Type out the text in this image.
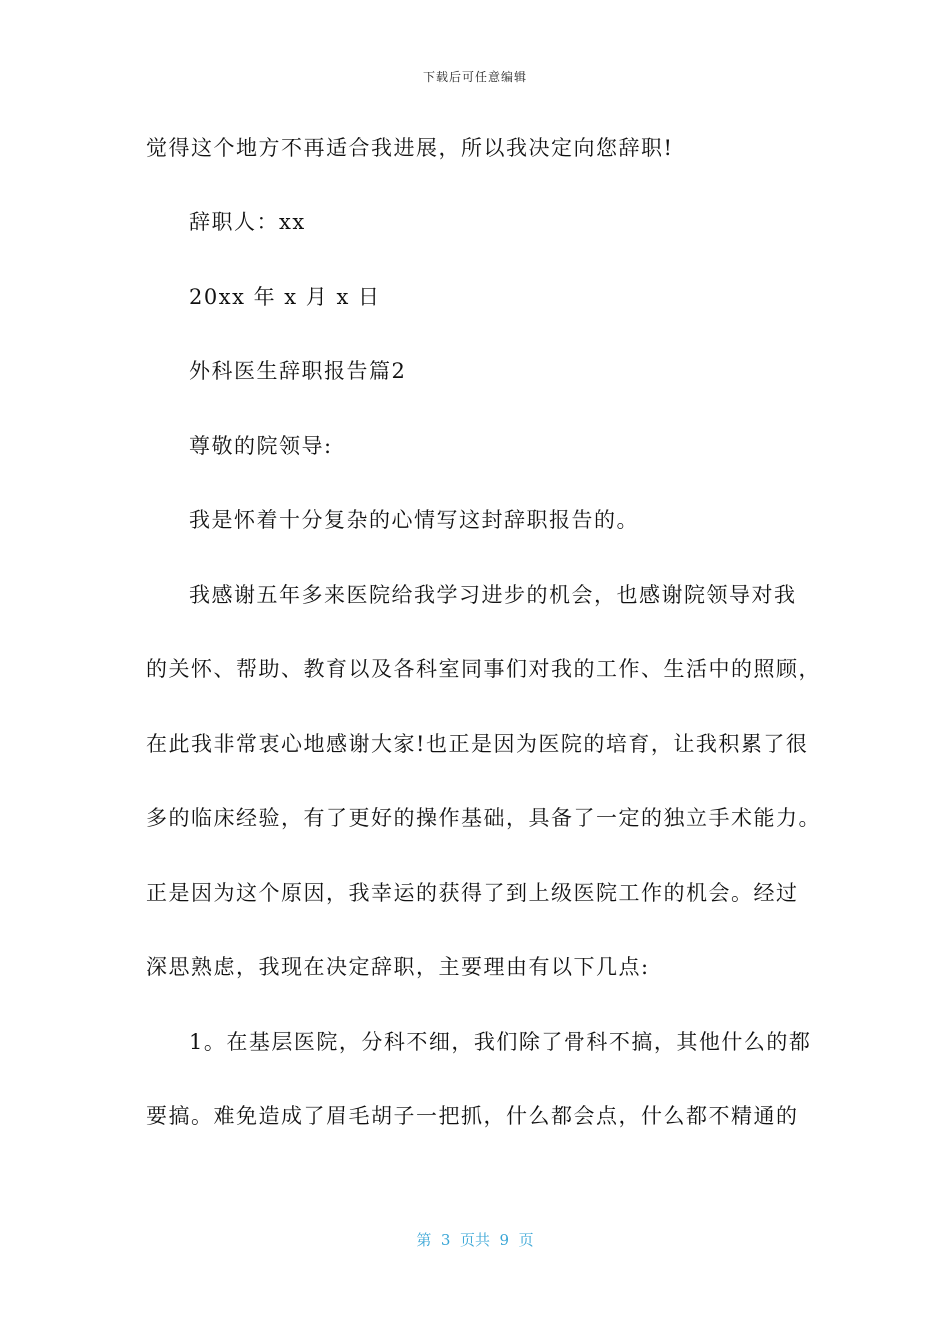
下载后可任意编辑
觉得这个地方不再适合我进展，所以我决定向您辞职!
辞职人：xx
20xx 年 x 月 x 日
外科医生辞职报告篇2
尊敬的院领导:
我是怀着十分复杂的心情写这封辞职报告的。
我感谢五年多来医院给我学习进步的机会，也感谢院领导对我
的关怀、帮助、教育以及各科室同事们对我的工作、生活中的照顾，
在此我非常衷心地感谢大家!也正是因为医院的培育，让我积累了很
多的临床经验，有了更好的操作基础，具备了一定的独立手术能力。
正是因为这个原因，我幸运的获得了到上级医院工作的机会。经过
深思熟虑，我现在决定辞职，主要理由有以下几点:
1。在基层医院，分科不细，我们除了骨科不搞，其他什么的都
要搞。难免造成了眉毛胡子一把抓，什么都会点，什么都不精通的
第  3  页共  9  页
